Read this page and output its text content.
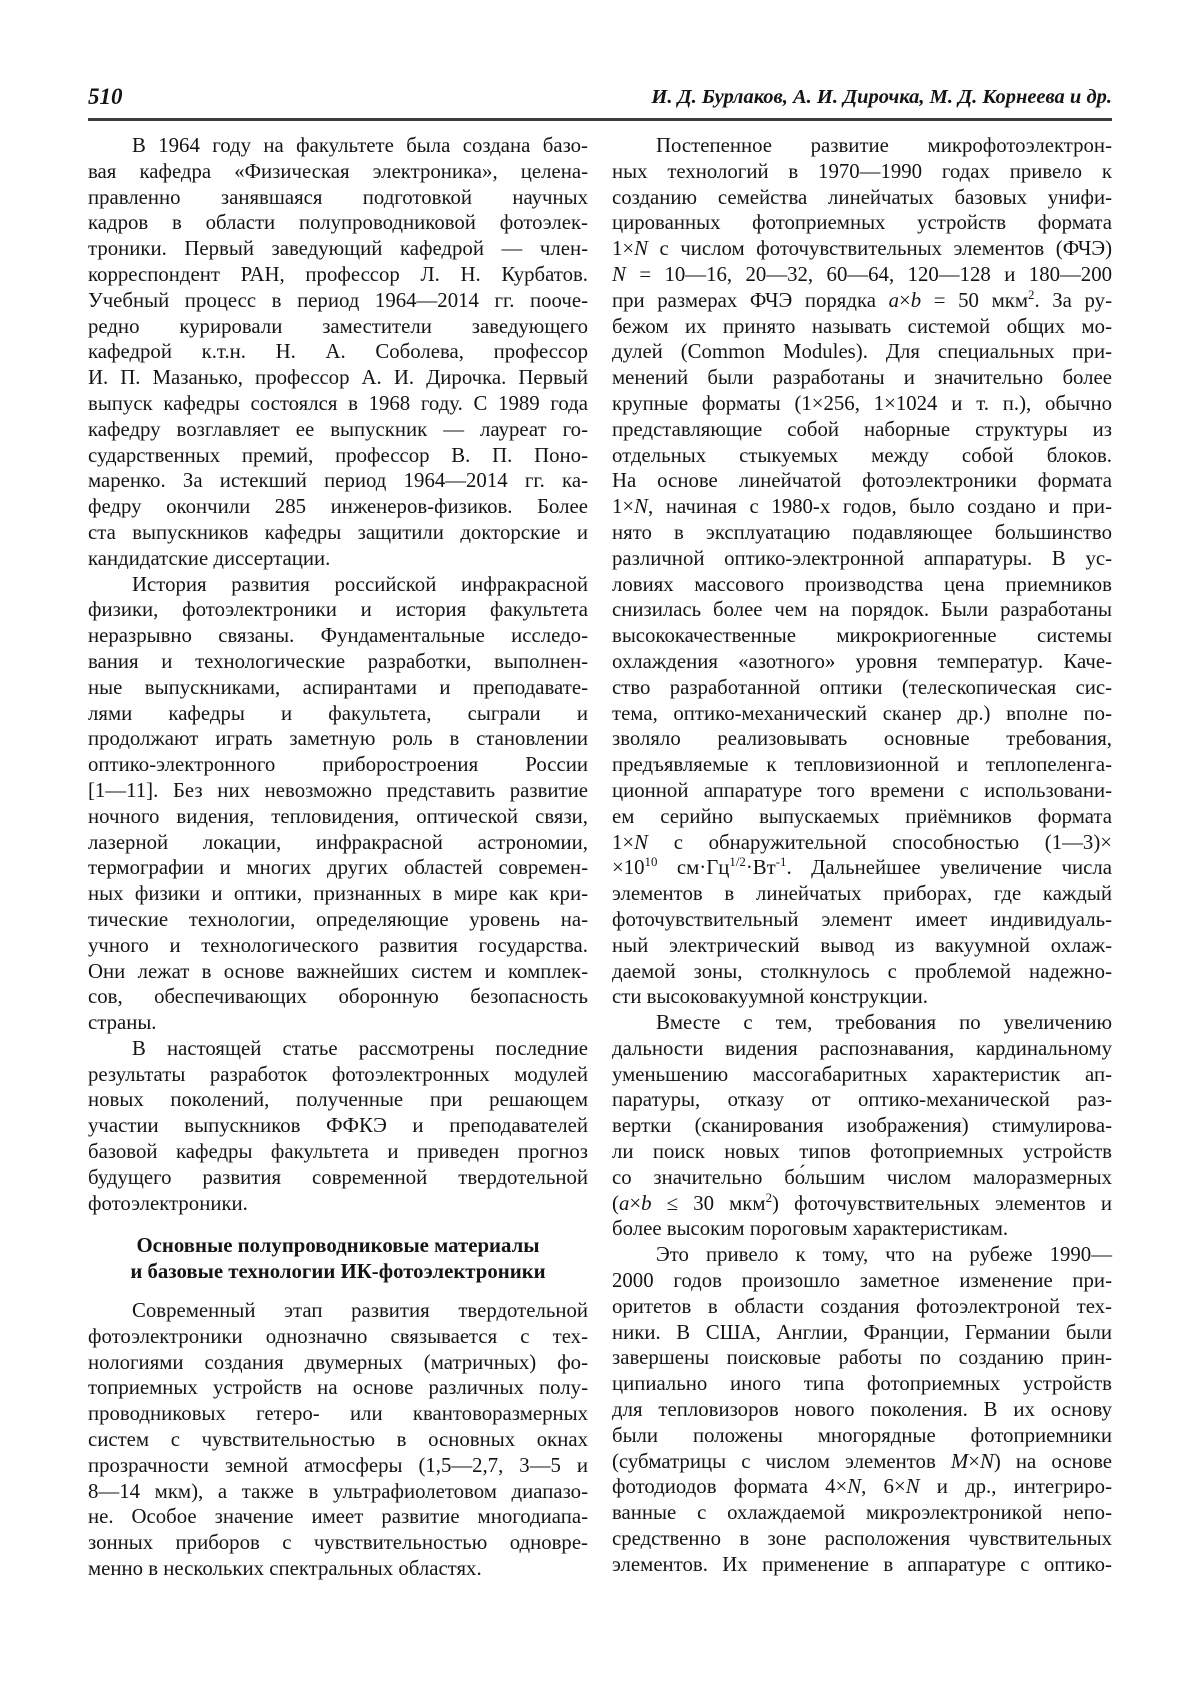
510	И. Д. Бурлаков, А. И. Дирочка, М. Д. Корнеева и др.
В 1964 году на факультете была создана базо-
вая кафедра «Физическая электроника», целена-
правленно занявшаяся подготовкой научных
кадров в области полупроводниковой фотоэлек-
троники. Первый заведующий кафедрой — член-
корреспондент РАН, профессор Л. Н. Курбатов.
Учебный процесс в период 1964—2014 гг. пооче-
редно курировали заместители заведующего
кафедрой к.т.н. Н. А. Соболева, профессор
И. П. Мазанько, профессор А. И. Дирочка. Первый
выпуск кафедры состоялся в 1968 году. С 1989 года
кафедру возглавляет ее выпускник — лауреат го-
сударственных премий, профессор В. П. Поно-
маренко. За истекший период 1964—2014 гг. ка-
федру окончили 285 инженеров-физиков. Более
ста выпускников кафедры защитили докторские и
кандидатские диссертации.
История развития российской инфракрасной
физики, фотоэлектроники и история факультета
неразрывно связаны. Фундаментальные исследо-
вания и технологические разработки, выполнен-
ные выпускниками, аспирантами и преподавате-
лями кафедры и факультета, сыграли и
продолжают играть заметную роль в становлении
оптико-электронного приборостроения России
[1—11]. Без них невозможно представить развитие
ночного видения, тепловидения, оптической связи,
лазерной локации, инфракрасной астрономии,
термографии и многих других областей современ-
ных физики и оптики, признанных в мире как кри-
тические технологии, определяющие уровень на-
учного и технологического развития государства.
Они лежат в основе важнейших систем и комплек-
сов, обеспечивающих оборонную безопасность
страны.
В настоящей статье рассмотрены последние
результаты разработок фотоэлектронных модулей
новых поколений, полученные при решающем
участии выпускников ФФКЭ и преподавателей
базовой кафедры факультета и приведен прогноз
будущего развития современной твердотельной
фотоэлектроники.
Основные полупроводниковые материалы
и базовые технологии ИК-фотоэлектроники
Современный этап развития твердотельной
фотоэлектроники однозначно связывается с тех-
нологиями создания двумерных (матричных) фо-
топриемных устройств на основе различных полу-
проводниковых гетеро- или квантоворазмерных
систем с чувствительностью в основных окнах
прозрачности земной атмосферы (1,5—2,7, 3—5 и
8—14 мкм), а также в ультрафиолетовом диапазо-
не. Особое значение имеет развитие многодиапа-
зонных приборов с чувствительностью одновре-
менно в нескольких спектральных областях.
Постепенное развитие микрофотоэлектрон-
ных технологий в 1970—1990 годах привело к
созданию семейства линейчатых базовых унифи-
цированных фотоприемных устройств формата
1×N с числом фоточувствительных элементов (ФЧЭ)
N = 10—16, 20—32, 60—64, 120—128 и 180—200
при размерах ФЧЭ порядка a×b = 50 мкм$^2$. За ру-
бежом их принято называть системой общих мо-
дулей (Common Modules). Для специальных при-
менений были разработаны и значительно более
крупные форматы (1×256, 1×1024 и т. п.), обычно
представляющие собой наборные структуры из
отдельных стыкуемых между собой блоков.
На основе линейчатой фотоэлектроники формата
1×N, начиная с 1980-х годов, было создано и при-
нято в эксплуатацию подавляющее большинство
различной оптико-электронной аппаратуры. В ус-
ловиях массового производства цена приемников
снизилась более чем на порядок. Были разработаны
высококачественные микрокриогенные системы
охлаждения «азотного» уровня температур. Каче-
ство разработанной оптики (телескопическая сис-
тема, оптико-механический сканер др.) вполне по-
зволяло реализовывать основные требования,
предъявляемые к тепловизионной и теплопеленга-
ционной аппаратуре того времени с использовани-
ем серийно выпускаемых приёмников формата
1×N с обнаружительной способностью (1—3)×
$\times 10^{10}$ $см\cdot Гц^{1/2}\cdot Вт^{-1}$. Дальнейшее увеличение числа
элементов в линейчатых приборах, где каждый
фоточувствительный элемент имеет индивидуаль-
ный электрический вывод из вакуумной охлаж-
даемой зоны, столкнулось с проблемой надежно-
сти высоковакуумной конструкции.
Вместе с тем, требования по увеличению
дальности видения распознавания, кардинальному
уменьшению массогабаритных характеристик ап-
паратуры, отказу от оптико-механической раз-
вертки (сканирования изображения) стимулирова-
ли поиск новых типов фотоприемных устройств
со значительно бо́льшим числом малоразмерных
(a×b ≤ 30 мкм$^2$) фоточувствительных элементов и
более высоким пороговым характеристикам.
Это привело к тому, что на рубеже 1990—
2000 годов произошло заметное изменение при-
оритетов в области создания фотоэлектроной тех-
ники. В США, Англии, Франции, Германии были
завершены поисковые работы по созданию прин-
ципиально иного типа фотоприемных устройств
для тепловизоров нового поколения. В их основу
были положены многорядные фотоприемники
(субматрицы с числом элементов M×N) на основе
фотодиодов формата 4×N, 6×N и др., интегриро-
ванные с охлаждаемой микроэлектроникой непо-
средственно в зоне расположения чувствительных
элементов. Их применение в аппаратуре с оптико-
